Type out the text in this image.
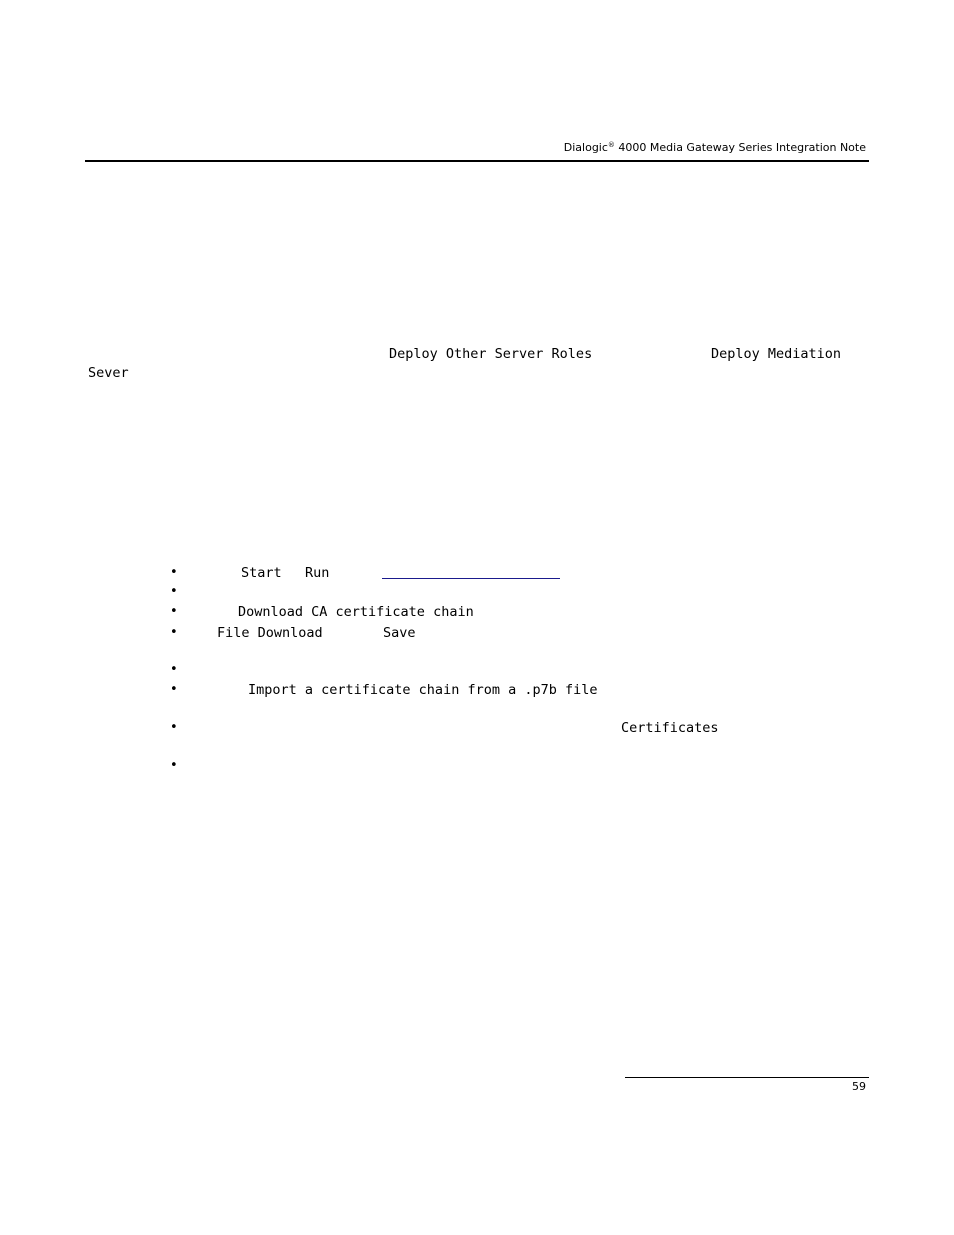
Dialogic® 4000 Media Gateway Series Integration Note
Deploy Other Server Roles	Deploy Mediation
Sever
•	Start Run
•
•	Download CA certificate chain
•	File Download	Save
•
•	Import a certificate chain from a .p7b file
•	Certificates
•
59
